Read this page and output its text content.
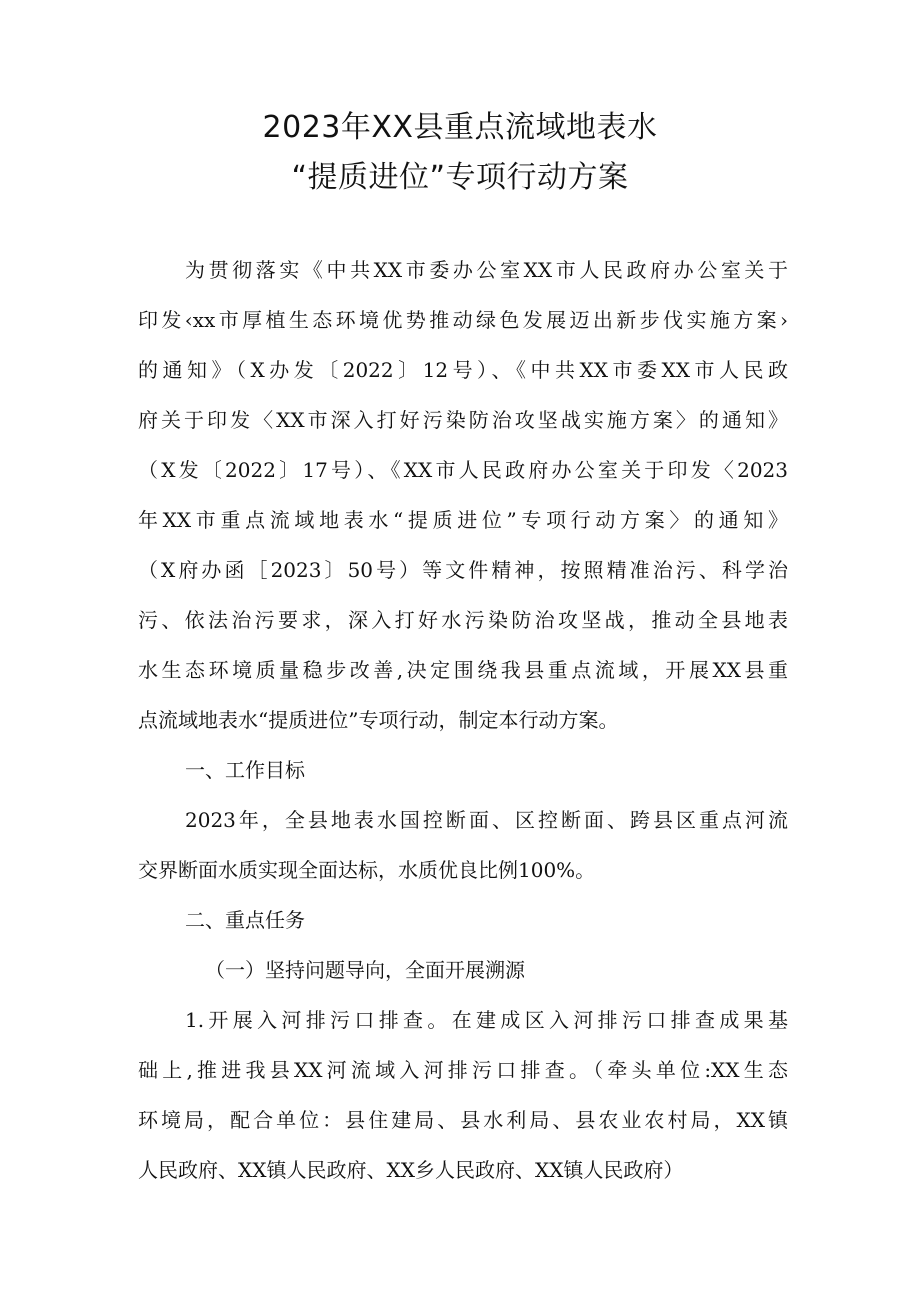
2023年XX县重点流域地表水
“提质进位”专项行动方案
为贯彻落实《中共XX市委办公室XX市人民政府办公室关于
印发‹xx市厚植生态环境优势推动绿色发展迈出新步伐实施方案›
的通知》（X办发〔2022〕12号）、《中共XX市委XX市人民政
府关于印发〈XX市深入打好污染防治攻坚战实施方案〉的通知》
（X发〔2022〕17号）、《XX市人民政府办公室关于印发〈2023
年XX市重点流域地表水“提质进位”专项行动方案〉的通知》
（X府办函［2023〕50号）等文件精神，按照精准治污、科学治
污、依法治污要求，深入打好水污染防治攻坚战，推动全县地表
水生态环境质量稳步改善,决定围绕我县重点流域，开展XX县重
点流域地表水“提质进位”专项行动，制定本行动方案。
一、工作目标
2023年，全县地表水国控断面、区控断面、跨县区重点河流
交界断面水质实现全面达标，水质优良比例100%。
二、重点任务
（一）坚持问题导向，全面开展溯源
1.开展入河排污口排查。在建成区入河排污口排查成果基
础上,推进我县XX河流域入河排污口排查。（牵头单位:XX生态
环境局，配合单位：县住建局、县水利局、县农业农村局，XX镇
人民政府、XX镇人民政府、XX乡人民政府、XX镇人民政府）
